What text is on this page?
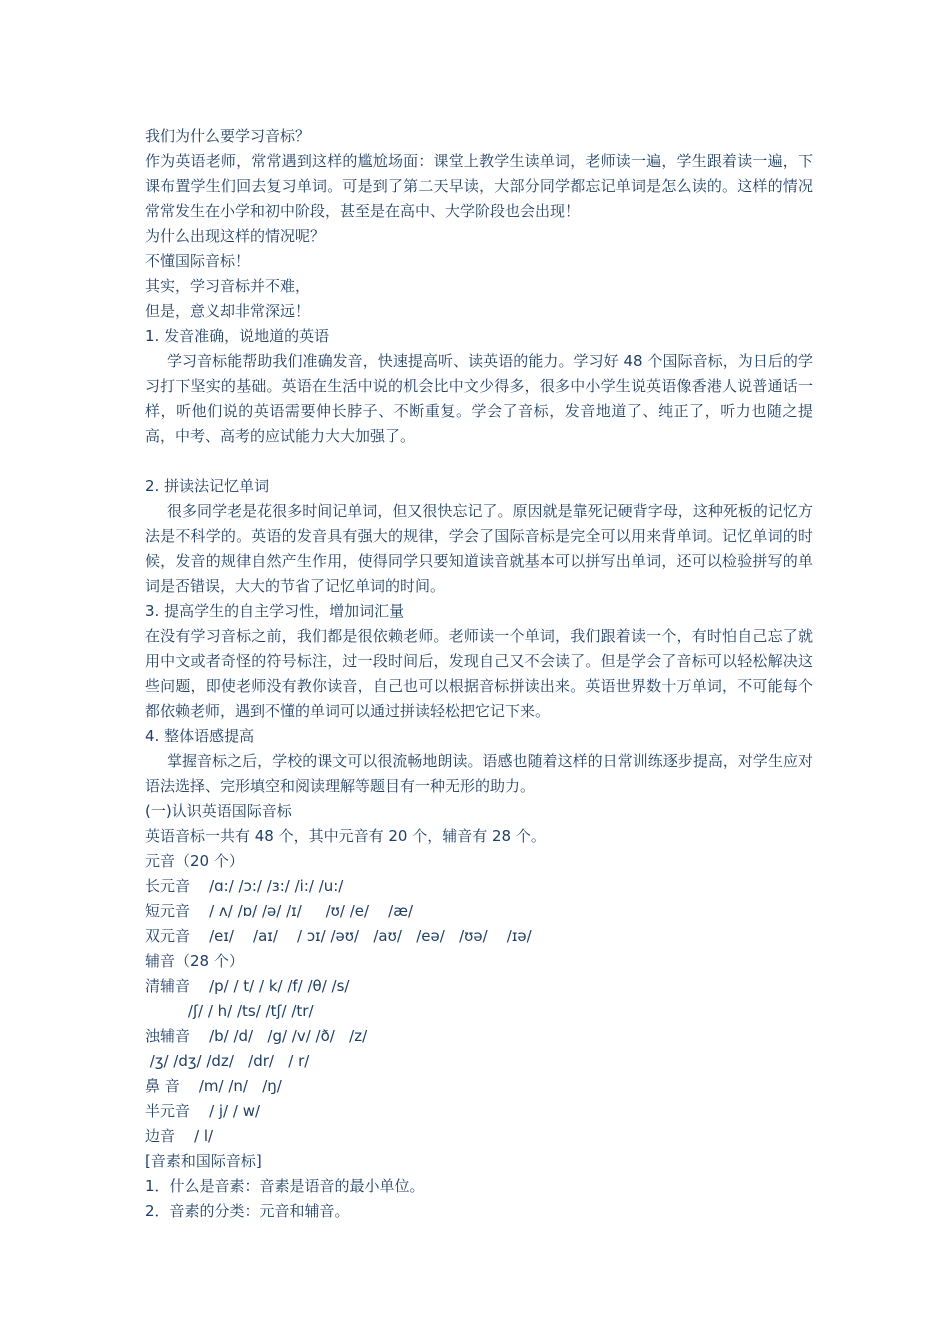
我们为什么要学习音标？
作为英语老师，常常遇到这样的尴尬场面：课堂上教学生读单词，老师读一遍，学生跟着读一遍，下课布置学生们回去复习单词。可是到了第二天早读，大部分同学都忘记单词是怎么读的。这样的情况常常发生在小学和初中阶段，甚至是在高中、大学阶段也会出现！
为什么出现这样的情况呢？
不懂国际音标！
其实，学习音标并不难，
但是，意义却非常深远！
1. 发音准确，说地道的英语
学习音标能帮助我们准确发音，快速提高听、读英语的能力。学习好 48 个国际音标，为日后的学习打下坚实的基础。英语在生活中说的机会比中文少得多，很多中小学生说英语像香港人说普通话一样，听他们说的英语需要伸长脖子、不断重复。学会了音标，发音地道了、纯正了，听力也随之提高，中考、高考的应试能力大大加强了。
2. 拼读法记忆单词
很多同学老是花很多时间记单词，但又很快忘记了。原因就是靠死记硬背字母，这种死板的记忆方法是不科学的。英语的发音具有强大的规律，学会了国际音标是完全可以用来背单词。记忆单词的时候，发音的规律自然产生作用，使得同学只要知道读音就基本可以拼写出单词，还可以检验拼写的单词是否错误，大大的节省了记忆单词的时间。
3. 提高学生的自主学习性，增加词汇量
在没有学习音标之前，我们都是很依赖老师。老师读一个单词，我们跟着读一个，有时怕自己忘了就用中文或者奇怪的符号标注，过一段时间后，发现自己又不会读了。但是学会了音标可以轻松解决这些问题，即使老师没有教你读音，自己也可以根据音标拼读出来。英语世界数十万单词，不可能每个都依赖老师，遇到不懂的单词可以通过拼读轻松把它记下来。
4. 整体语感提高
掌握音标之后，学校的课文可以很流畅地朗读。语感也随着这样的日常训练逐步提高，对学生应对语法选择、完形填空和阅读理解等题目有一种无形的助力。
(一)认识英语国际音标
英语音标一共有 48 个，其中元音有 20 个，辅音有 28 个。
元音（20 个）
长元音    /ɑ:/ /ɔ:/ /ɜ:/ /i:/ /u:/
短元音    / ʌ/ /ɒ/ /ə/ /ɪ/     /ʊ/ /e/    /æ/
双元音    /eɪ/    /aɪ/    / ɔɪ/ /əʊ/   /aʊ/   /eə/   /ʊə/    /ɪə/
辅音（28 个）
清辅音    /p/ / t/ / k/ /f/ /θ/ /s/
/ʃ/ / h/ /ts/ /tʃ/ /tr/
浊辅音    /b/ /d/   /g/ /v/ /ð/   /z/
/ʒ/ /dʒ/ /dz/   /dr/   / r/
鼻 音    /m/ /n/   /ŋ/
半元音    / j/ / w/
边音    / l/
[音素和国际音标]
1．什么是音素：音素是语音的最小单位。
2．音素的分类：元音和辅音。
